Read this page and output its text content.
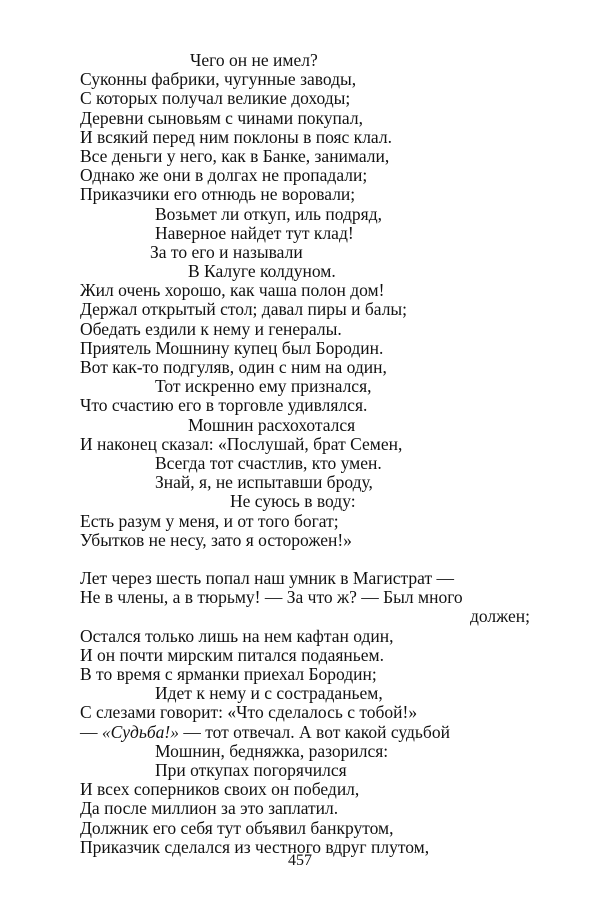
Чего он не имел?
Суконны фабрики, чугунные заводы,
С которых получал великие доходы;
Деревни сыновьям с чинами покупал,
И всякий перед ним поклоны в пояс клал.
Все деньги у него, как в Банке, занимали,
Однако же они в долгах не пропадали;
Приказчики его отнюдь не воровали;
Возьмет ли откуп, иль подряд,
Наверное найдет тут клад!
За то его и называли
В Калуге колдуном.
Жил очень хорошо, как чаша полон дом!
Держал открытый стол; давал пиры и балы;
Обедать ездили к нему и генералы.
Приятель Мошнину купец был Бородин.
Вот как-то подгуляв, один с ним на один,
Тот искренно ему признался,
Что счастию его в торговле удивлялся.
Мошнин расхохотался
И наконец сказал: «Послушай, брат Семен,
Всегда тот счастлив, кто умен.
Знай, я, не испытавши броду,
Не суюсь в воду:
Есть разум у меня, и от того богат;
Убытков не несу, зато я осторожен!»
Лет через шесть попал наш умник в Магистрат —
Не в члены, а в тюрьму! — За что ж? — Был много
должен;
Остался только лишь на нем кафтан один,
И он почти мирским питался подаяньем.
В то время с ярманки приехал Бородин;
Идет к нему и с состраданьем,
С слезами говорит: «Что сделалось с тобой!»
— «Судьба!» — тот отвечал. А вот какой судьбой
Мошнин, бедняжка, разорился:
При откупах погорячился
И всех соперников своих он победил,
Да после миллион за это заплатил.
Должник его себя тут объявил банкрутом,
Приказчик сделался из честного вдруг плутом,
457
